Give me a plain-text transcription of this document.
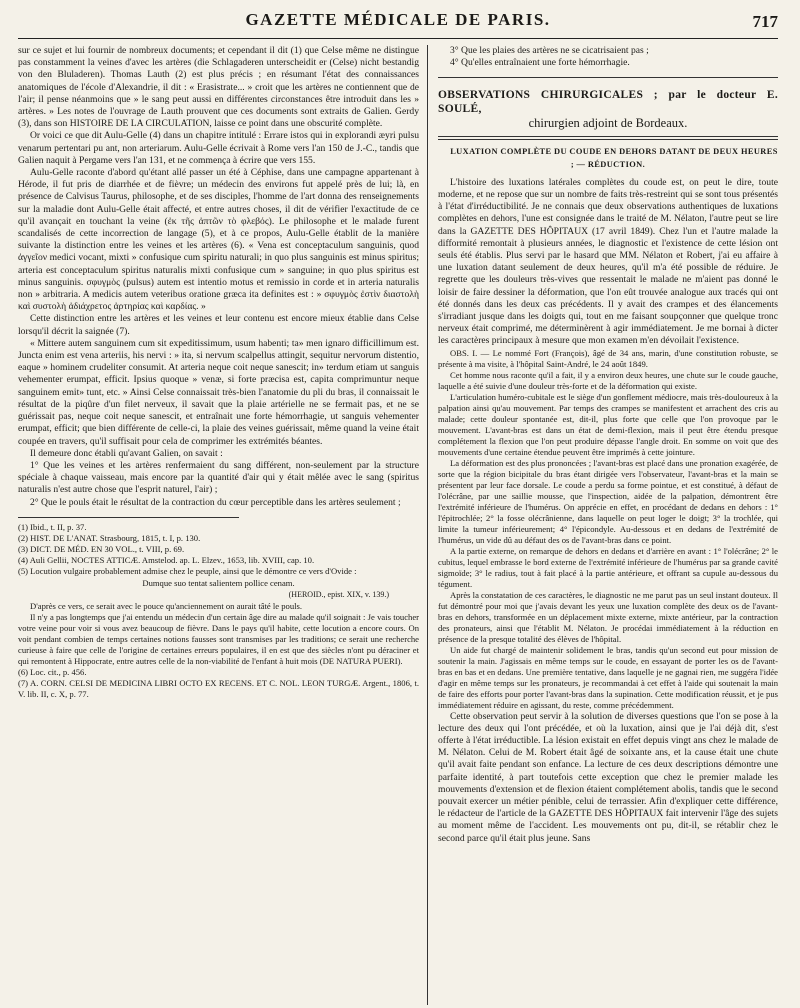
GAZETTE MÉDICALE DE PARIS.	717

sur ce sujet et lui fournir de nombreux documents; et cependant il dit (1) que Celse même ne distingue pas constamment la veines d'avec les artères (die Schlagaderen unterscheidit er (Celse) nicht bestandig von den Bluladeren). Thomas Lauth (2) est plus précis ; en résumant l'état des connaissances anatomiques de l'école d'Alexandrie, il dit : « Erasistrate... » croit que les artères ne contiennent que de l'air; il pense néanmoins que » le sang peut aussi en différentes circonstances être introduit dans les » artères. » Les notes de l'ouvrage de Lauth prouvent que ces documents sont extraits de Galien. Gerdy (3), dans son HISTOIRE DE LA CIRCULATION, laisse ce point dans une obscurité complète.

Or voici ce que dit Aulu-Gelle (4) dans un chapitre intitulé : Errare istos qui in explorandi æyri pulsu venarum pertentari pu ant, non arteriarum. Aulu-Gelle écrivait à Rome vers l'an 150 de J.-C., tandis que Galien naquit à Pergame vers l'an 131, et ne commença à écrire que vers 155.

Aulu-Gelle raconte d'abord qu'étant allé passer un été à Céphise, dans une campagne appartenant à Hérode, il fut pris de diarrhée et de fièvre; un médecin des environs fut appelé près de lui; là, en présence de Calvisus Taurus, philosophe, et de ses disciples, l'homme de l'art donna des renseignements sur la maladie dont Aulu-Gelle était affecté, et entre autres choses, il dit de vérifier l'exactitude de ce qu'il avançait en touchant la veine (ἐκ τῆς ἀπτῶν τὸ φλεβός). Le philosophe et le malade furent scandalisés de cette incorrection de langage (5), et à ce propos, Aulu-Gelle établit de la manière suivante la distinction entre les veines et les artères (6). « Vena est conceptaculum sanguinis, quod ἀγγεῖον medici vocant, mixti » confusique cum spiritu naturali; in quo plus sanguinis est minus spiritus; arteria est conceptaculum spiritus naturalis mixti confusique cum » sanguine; in quo plus spiritus est minus sanguinis. σφυγμὸς (pulsus) autem est intentio motus et remissio in corde et in arteria naturalis non » arbitraria. A medicis autem veteribus oratione græca ita definites est : » σφυγμὸς ἐστὶν διαστολὴ καὶ συστολὴ ἀδιάχρετος ἀρτηρίας καὶ καρδίας. »

Cette distinction entre les artères et les veines et leur contenu est encore mieux établie dans Celse lorsqu'il décrit la saignée (7).

« Mittere autem sanguinem cum sit expeditissimum, usum habenti; ta» men ignaro difficillimum est. Juncta enim est vena arteriis, his nervi : » ita, si nervum scalpellus attingit, sequitur nervorum distentio, eaque » hominem crudeliter consumit. At arteria neque coit neque sanescit; in» terdum etiam ut sanguis vehementer erumpat, efficit. Ipsius quoque » venæ, si forte præcisa est, capita comprimuntur neque sanguinem emit» tunt, etc. » Ainsi Celse connaissait très-bien l'anatomie du pli du bras, il connaissait le résultat de la piqûre d'un filet nerveux, il savait que la plaie artérielle ne se fermait pas, et ne se guérissait pas, neque coit neque sanescit, et entraînait une forte hémorrhagie, ut sanguis vehementer erumpat, efficit; que bien différente de celle-ci, la plaie des veines guérissait, même quand la veine était coupée en travers, qu'il suffisait pour cela de comprimer les extrémités béantes.

Il demeure donc établi qu'avant Galien, on savait :

1° Que les veines et les artères renfermaient du sang différent, non-seulement par la structure spéciale à chaque vaisseau, mais encore par la quantité d'air qui y était mêlée avec le sang (spiritus naturalis n'est autre chose que l'esprit naturel, l'air) ;

2° Que le pouls était le résultat de la contraction du cœur perceptible dans les artères seulement ;

(1) Ibid., t. II, p. 37.

(2) HIST. DE L'ANAT. Strasbourg, 1815, t. I, p. 130.

(3) DICT. DE MÉD. EN 30 VOL., t. VIII, p. 69.

(4) Auli Gellii, NOCTES ATTICÆ. Amstelod. ap. L. Elzev., 1653, lib. XVIII, cap. 10.

(5) Locution vulgaire probablement admise chez le peuple, ainsi que le démontre ce vers d'Ovide :

Dumque suo tentat salientem pollice cenam.

(HEROID., epist. XIX, v. 139.)

D'après ce vers, ce serait avec le pouce qu'anciennement on aurait tâté le pouls.

Il n'y a pas longtemps que j'ai entendu un médecin d'un certain âge dire au malade qu'il soignait : Je vais toucher votre veine pour voir si vous avez beaucoup de fièvre. Dans le pays qu'il habite, cette locution a encore cours. On voit pendant combien de temps certaines notions fausses sont transmises par les traditions; ce serait une recherche curieuse à faire que celle de l'origine de certaines erreurs populaires, il en est que des siècles n'ont pu déraciner et qui remontent à Hippocrate, entre autres celle de la non-viabilité de l'enfant à huit mois (DE NATURA PUERI).

(6) Loc. cit., p. 456.

(7) A. CORN. CELSI DE MEDICINA LIBRI OCTO EX RECENS. ET C. NOL. LEON TURGÆ. Argent., 1806, t. V. lib. II, c. X, p. 77.

3° Que les plaies des artères ne se cicatrisaient pas ;

4° Qu'elles entraînaient une forte hémorrhagie.

OBSERVATIONS CHIRURGICALES ; par le docteur E. SOULÉ,

chirurgien adjoint de Bordeaux.

LUXATION COMPLÈTE DU COUDE EN DEHORS DATANT DE DEUX HEURES ; — RÉDUCTION.

L'histoire des luxations latérales complètes du coude est, on peut le dire, toute moderne, et ne repose que sur un nombre de faits très-restreint qui se sont tous présentés à l'état d'irréductibilité. Je ne connais que deux observations authentiques de luxations complètes en dehors, l'une est consignée dans le traité de M. Nélaton, l'autre peut se lire dans la GAZETTE DES HÔPITAUX (17 avril 1849). Chez l'un et l'autre malade la difformité remontait à plusieurs années, le diagnostic et l'existence de cette lésion ont seuls été établis. Plus servi par le hasard que MM. Nélaton et Robert, j'ai eu affaire à une luxation datant seulement de deux heures, qu'il m'a été possible de réduire. Je regrette que les douleurs très-vives que ressentait le malade ne m'aient pas donné le loisir de faire dessiner la déformation, que l'on eût trouvée analogue aux tracés qui ont été donnés dans les deux cas précédents. Il y avait des crampes et des élancements s'irradiant jusque dans les doigts qui, tout en me faisant soupçonner que quelque tronc nerveux était comprimé, me déterminèrent à agir immédiatement. Je me bornai à dicter les caractères principaux à mesure que mon examen m'en dévoilait l'existence.

OBS. I. — Le nommé Fort (François), âgé de 34 ans, marin, d'une constitution robuste, se présente à ma visite, à l'hôpital Saint-André, le 24 août 1849.

Cet homme nous raconte qu'il a fait, il y a environ deux heures, une chute sur le coude gauche, laquelle a été suivie d'une douleur très-forte et de la déformation qui existe.

L'articulation huméro-cubitale est le siège d'un gonflement médiocre, mais très-douloureux à la palpation ainsi qu'au mouvement. Par temps des crampes se manifestent et arrachent des cris au malade; cette douleur spontanée est, dit-il, plus forte que celle que l'on provoque par le mouvement. L'avant-bras est dans un état de demi-flexion, mais il peut être étendu presque complétement la flexion que l'on peut produire dépasse l'angle droit. En somme on voit que des mouvements d'une certaine étendue peuvent être imprimés à cette jointure.

La déformation est des plus prononcées ; l'avant-bras est placé dans une pronation exagérée, de sorte que la région bicipitale du bras étant dirigée vers l'observateur, l'avant-bras et la main se présentent par leur face dorsale. Le coude a perdu sa forme pointue, et est constitué, à défaut de l'olécrâne, par une saillie mousse, que l'inspection, aidée de la palpation, démontrent être l'extrémité inférieure de l'humérus. On apprécie en effet, en procédant de dedans en dehors : 1° l'épitrochlée; 2° la fosse olécrânienne, dans laquelle on peut loger le doigt; 3° la trochlée, qui limite la tumeur inférieurement; 4° l'épicondyle. Au-dessous et en dedans de l'extrémité de l'humérus, un vide dû au défaut des os de l'avant-bras dans ce point.

A la partie externe, on remarque de dehors en dedans et d'arrière en avant : 1° l'olécrâne; 2° le cubitus, lequel embrasse le bord externe de l'extrémité inférieure de l'humérus par sa grande cavité sigmoïde; 3° le radius, tout à fait placé à la partie antérieure, et offrant sa cupule au-dessous du tégument.

Après la constatation de ces caractères, le diagnostic ne me parut pas un seul instant douteux. Il fut démontré pour moi que j'avais devant les yeux une luxation complète des deux os de l'avant-bras en dehors, transformée en un déplacement mixte externe, mixte antérieur, par la contraction des pronateurs, ainsi que l'établit M. Nélaton. Je procédai immédiatement à la réduction en présence de la presque totalité des élèves de l'hôpital.

Un aide fut chargé de maintenir solidement le bras, tandis qu'un second eut pour mission de soutenir la main. J'agissais en même temps sur le coude, en essayant de porter les os de l'avant-bras en bas et en dedans. Une première tentative, dans laquelle je ne gagnai rien, me suggéra l'idée d'agir en même temps sur les pronateurs, je recommandai à cet effet à l'aide qui soutenait la main de faire des efforts pour porter l'avant-bras dans la supination. Cette modification réussit, et je pus immédiatement réduire en agissant, du reste, comme précédemment.

Cette observation peut servir à la solution de diverses questions que l'on se pose à la lecture des deux qui l'ont précédée, et où la luxation, ainsi que je l'ai déjà dit, s'est offerte à l'état irréductible. La lésion existait en effet depuis vingt ans chez le malade de M. Nélaton. Celui de M. Robert était âgé de soixante ans, et la cause était une chute qu'il avait faite pendant son enfance. La lecture de ces deux descriptions démontre une parfaite identité, à part toutefois cette exception que chez le premier malade les mouvements d'extension et de flexion étaient complétement abolis, tandis que le second pouvait exercer un métier pénible, celui de terrassier. Afin d'expliquer cette différence, le rédacteur de l'article de la GAZETTE DES HÔPITAUX fait intervenir l'âge des sujets au moment même de l'accident. Les mouvements ont pu, dit-il, se rétablir chez le second parce qu'il était plus jeune. Sans
